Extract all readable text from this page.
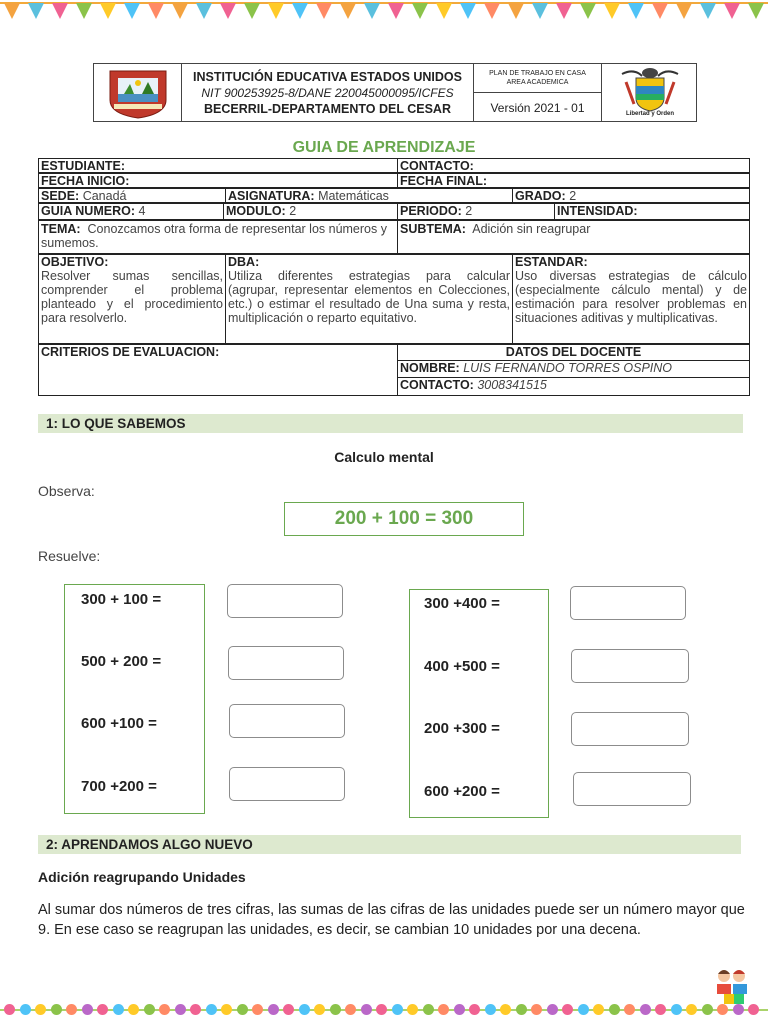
INSTITUCIÓN EDUCATIVA ESTADOS UNIDOS
NIT 900253925-8/DANE 220045000095/ICFES
BECERRIL-DEPARTAMENTO DEL CESAR
PLAN DE TRABAJO EN CASA
AREA ACADEMICA
Versión 2021 - 01	Libertad y Orden
GUIA DE APRENDIZAJE
ESTUDIANTE:	CONTACTO:
FECHA INICIO:	FECHA FINAL:
SEDE: Canadá	ASIGNATURA: Matemáticas	GRADO: 2
GUIA NUMERO: 4	MODULO: 2	PERIODO: 2	INTENSIDAD:
TEMA: Conozcamos otra forma de representar los números y sumemos.
SUBTEMA: Adición sin reagrupar
OBJETIVO:
Resolver sumas sencillas, comprender el problema planteado y el procedimiento para resolverlo.
DBA:
Utiliza diferentes estrategias para calcular (agrupar, representar elementos en Colecciones, etc.) o estimar el resultado de Una suma y resta, multiplicación o reparto equitativo.
ESTANDAR:
Uso diversas estrategias de cálculo (especialmente cálculo mental) y de estimación para resolver problemas en situaciones aditivas y multiplicativas.
CRITERIOS DE EVALUACION:	DATOS DEL DOCENTE
NOMBRE: LUIS FERNANDO TORRES OSPINO
CONTACTO: 3008341515
1: LO QUE SABEMOS
Calculo mental
Observa:
200 + 100 = 300
Resuelve:
300 + 100 =
500 + 200 =
600 +100 =
700 +200 =
300 +400 =
400 +500 =
200 +300 =
600 +200 =
2: APRENDAMOS ALGO NUEVO
Adición reagrupando Unidades
Al sumar dos números de tres cifras, las sumas de las cifras de las unidades puede ser un número mayor que 9. En ese caso se reagrupan las unidades, es decir, se cambian 10 unidades por una decena.
